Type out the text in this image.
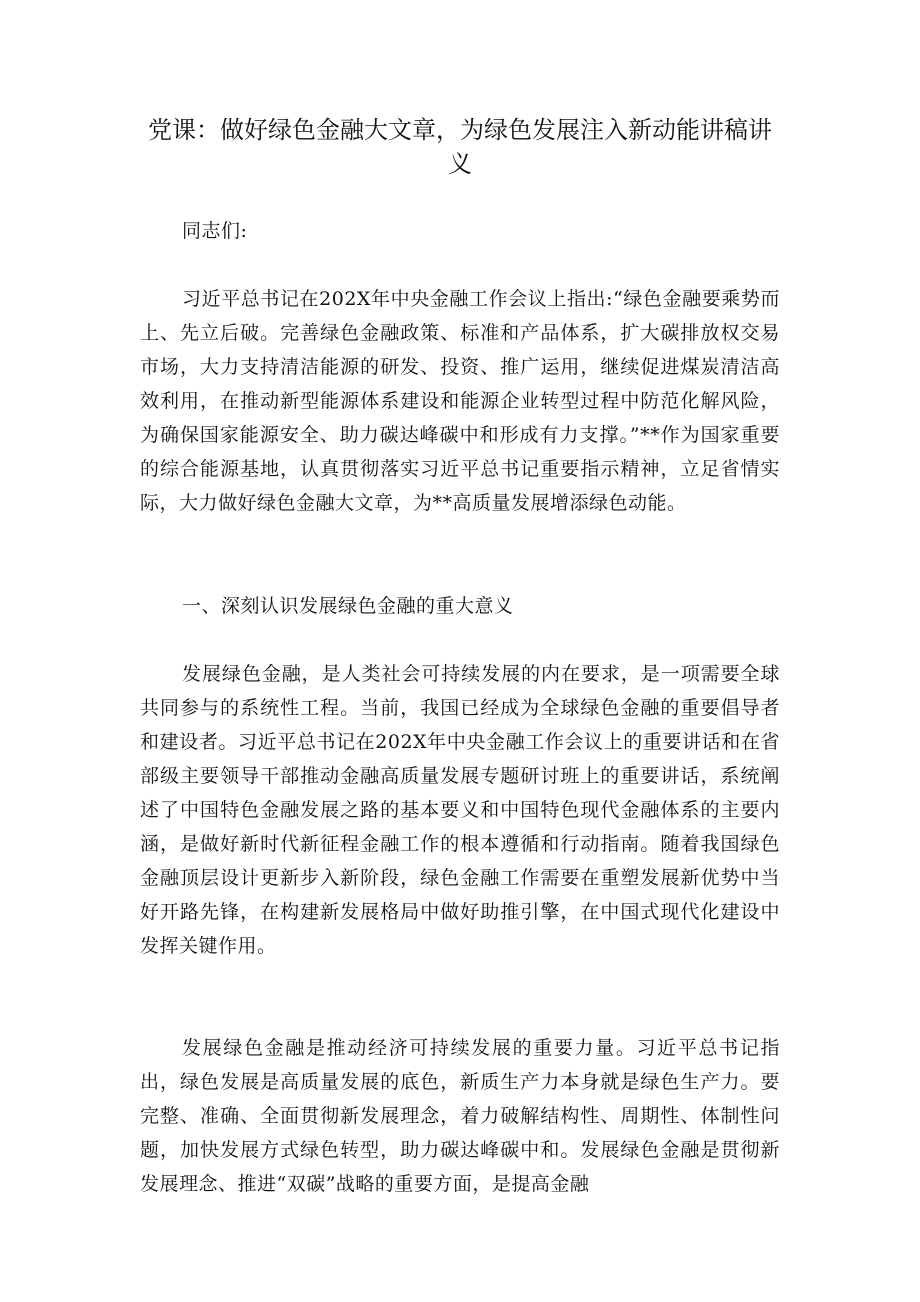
党课：做好绿色金融大文章，为绿色发展注入新动能讲稿讲义

同志们:

习近平总书记在202X年中央金融工作会议上指出:“绿色金融要乘势而上、先立后破。完善绿色金融政策、标准和产品体系，扩大碳排放权交易市场，大力支持清洁能源的研发、投资、推广运用，继续促进煤炭清洁高效利用，在推动新型能源体系建设和能源企业转型过程中防范化解风险，为确保国家能源安全、助力碳达峰碳中和形成有力支撑。”**作为国家重要的综合能源基地，认真贯彻落实习近平总书记重要指示精神，立足省情实际，大力做好绿色金融大文章，为**高质量发展增添绿色动能。

一、深刻认识发展绿色金融的重大意义

发展绿色金融，是人类社会可持续发展的内在要求，是一项需要全球共同参与的系统性工程。当前，我国已经成为全球绿色金融的重要倡导者和建设者。习近平总书记在202X年中央金融工作会议上的重要讲话和在省部级主要领导干部推动金融高质量发展专题研讨班上的重要讲话，系统阐述了中国特色金融发展之路的基本要义和中国特色现代金融体系的主要内涵，是做好新时代新征程金融工作的根本遵循和行动指南。随着我国绿色金融顶层设计更新步入新阶段，绿色金融工作需要在重塑发展新优势中当好开路先锋，在构建新发展格局中做好助推引擎，在中国式现代化建设中发挥关键作用。

发展绿色金融是推动经济可持续发展的重要力量。习近平总书记指出，绿色发展是高质量发展的底色，新质生产力本身就是绿色生产力。要完整、准确、全面贯彻新发展理念，着力破解结构性、周期性、体制性问题，加快发展方式绿色转型，助力碳达峰碳中和。发展绿色金融是贯彻新发展理念、推进“双碳”战略的重要方面，是提高金融
